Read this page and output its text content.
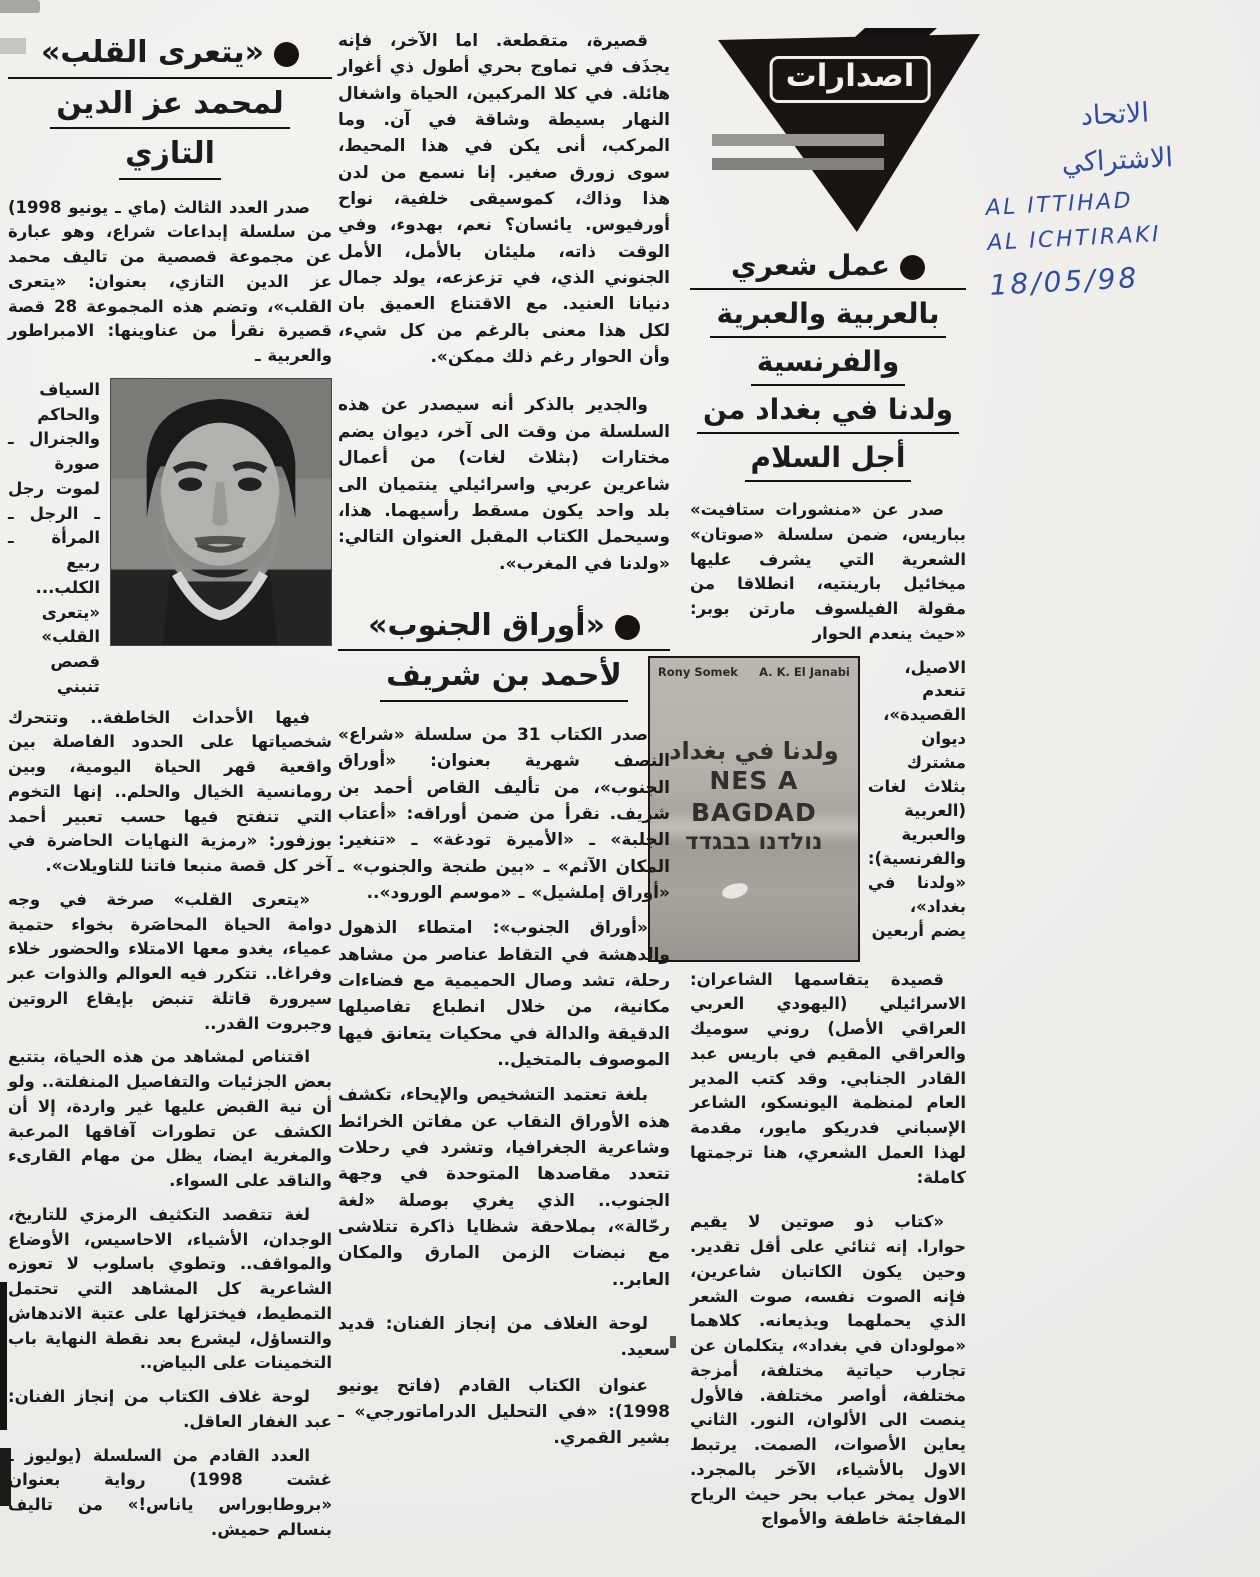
اصدارات
الاتحاد
الاشتراكي
AL ITTIHAD
AL ICHTIRAKI
18/05/98
عمل شعري
بالعربية والعبرية
والفرنسية
ولدنا في بغداد من
أجل السلام

صدر عن «منشورات ستافيت» بباريس، ضمن سلسلة «صوتان» الشعرية التي يشرف عليها ميخائيل بارينتيه، انطلاقا من مقولة الفيلسوف مارتن بوبر: «حيث ينعدم الحوار

الاصيل، تنعدم القصيدة»، ديوان مشترك بثلاث لغات (العربية والعبرية والفرنسية): «ولدنا في بغداد»، يضم أربعين

Rony Somek A. K. El Janabi
ولدنا في بغداد
NES A BAGDAD
נולדנו בבגדד

قصيدة يتقاسمها الشاعران: الاسرائيلي (اليهودي العربي العراقي الأصل) روني سوميك والعراقي المقيم في باريس عبد القادر الجنابي. وقد كتب المدير العام لمنظمة اليونسكو، الشاعر الإسباني فدريكو مايور، مقدمة لهذا العمل الشعري، هنا ترجمتها كاملة:

«كتاب ذو صوتين لا يقيم حوارا. إنه ثنائي على أقل تقدير. وحين يكون الكاتبان شاعرين، فإنه الصوت نفسه، صوت الشعر الذي يحملهما ويذيعانه. كلاهما «مولودان في بغداد»، يتكلمان عن تجارب حياتية مختلفة، أمزجة مختلفة، أواصر مختلفة. فالأول ينصت الى الألوان، النور. الثاني يعاين الأصوات، الصمت. يرتبط الاول بالأشياء، الآخر بالمجرد. الاول يمخر عباب بحر حيث الرياح المفاجئة خاطفة والأمواج

قصيرة، متقطعة. اما الآخر، فإنه يجذَف في تماوج بحري أطول ذي أغوار هائلة. في كلا المركبين، الحياة واشغال النهار بسيطة وشاقة في آن. وما المركب، أنى يكن في هذا المحيط، سوى زورق صغير. إنا نسمع من لدن هذا وذاك، كموسيقى خلفية، نواح أورفيوس. يائسان؟ نعم، بهدوء، وفي الوقت ذاته، مليئان بالأمل، الأمل الجنوني الذي، في تزعزعه، يولد جمال دنيانا العنيد. مع الاقتناع العميق بان لكل هذا معنى بالرغم من كل شيء، وأن الحوار رغم ذلك ممكن».

والجدير بالذكر أنه سيصدر عن هذه السلسلة من وقت الى آخر، ديوان يضم مختارات (بثلاث لغات) من أعمال شاعرين عربي واسرائيلي ينتميان الى بلد واحد يكون مسقط رأسيهما. هذا، وسيحمل الكتاب المقبل العنوان التالي: «ولدنا في المغرب».

«أوراق الجنوب»
لأحمد بن شريف

صدر الكتاب 31 من سلسلة «شراع» النصف شهرية بعنوان: «أوراق الجنوب»، من تأليف القاص أحمد بن شريف. نقرأ من ضمن أوراقه: «أعتاب الجلبة» ـ «الأميرة تودغة» ـ «تنغير: المكان الآثم» ـ «بين طنجة والجنوب» ـ «أوراق إملشيل» ـ «موسم الورود»..

«أوراق الجنوب»: امتطاء الذهول والدهشة في التقاط عناصر من مشاهد رحلة، تشد وصال الحميمية مع فضاءات مكانية، من خلال انطباع تفاصيلها الدقيقة والدالة في محكيات يتعانق فيها الموصوف بالمتخيل..

بلغة تعتمد التشخيص والإيحاء، تكشف هذه الأوراق النقاب عن مفاتن الخرائط وشاعرية الجغرافيا، وتشرد في رحلات تتعدد مقاصدها المتوحدة في وجهة الجنوب.. الذي يغري بوصلة «لغة رحّالة»، بملاحقة شظايا ذاكرة تتلاشى مع نبضات الزمن المارق والمكان العابر..

لوحة الغلاف من إنجاز الفنان: قديد سعيد.

عنوان الكتاب القادم (فاتح يونيو 1998): «في التحليل الدراماتورجي» ـ بشير القمري.

«يتعرى القلب»
لمحمد عز الدين
التازي

صدر العدد الثالث (ماي ـ يونيو 1998) من سلسلة إبداعات شراع، وهو عبارة عن مجموعة قصصية من تاليف محمد عز الدين التازي، بعنوان: «يتعرى القلب»، وتضم هذه المجموعة 28 قصة قصيرة نقرأ من عناوينها: الامبراطور والعربية ـ

السياف والحاكم والجنرال ـ صورة لموت رجل ـ الرجل ـ المرأة ـ ربيع الكلب... «يتعرى القلب» قصص تنبني

فيها الأحداث الخاطفة.. وتتحرك شخصياتها على الحدود الفاصلة بين واقعية قهر الحياة اليومية، وبين رومانسية الخيال والحلم.. إنها التخوم التي تنفتح فيها حسب تعبير أحمد بوزفور: «رمزية النهايات الحاضرة في آخر كل قصة منبعا فاتنا للتاويلات».

«يتعرى القلب» صرخة في وجه دوامة الحياة المحاصَرة بخواء حتمية عمياء، يغدو معها الامتلاء والحضور خلاء وفراغا.. تتكرر فيه العوالم والذوات عبر سيرورة قاتلة تنبض بإيقاع الروتين وجبروت القدر..

اقتناص لمشاهد من هذه الحياة، بتتبع بعض الجزئيات والتفاصيل المنفلتة.. ولو أن نية القبض عليها غير واردة، إلا أن الكشف عن تطورات آفاقها المرعبة والمغرية ايضا، يظل من مهام القارىء والناقد على السواء.

لغة تتقصد التكثيف الرمزي للتاريخ، الوجدان، الأشياء، الاحاسيس، الأوضاع والمواقف.. وتطوي باسلوب لا تعوزه الشاعرية كل المشاهد التي تحتمل التمطيط، فيختزلها على عتبة الاندهاش والتساؤل، ليشرع بعد نقطة النهاية باب التخمينات على البياض..

لوحة غلاف الكتاب من إنجاز الفنان: عبد الغفار العاقل.

العدد القادم من السلسلة (يوليوز ـ غشت 1998) رواية بعنوان «بروطابوراس ياناس!» من تاليف بنسالم حميش.
